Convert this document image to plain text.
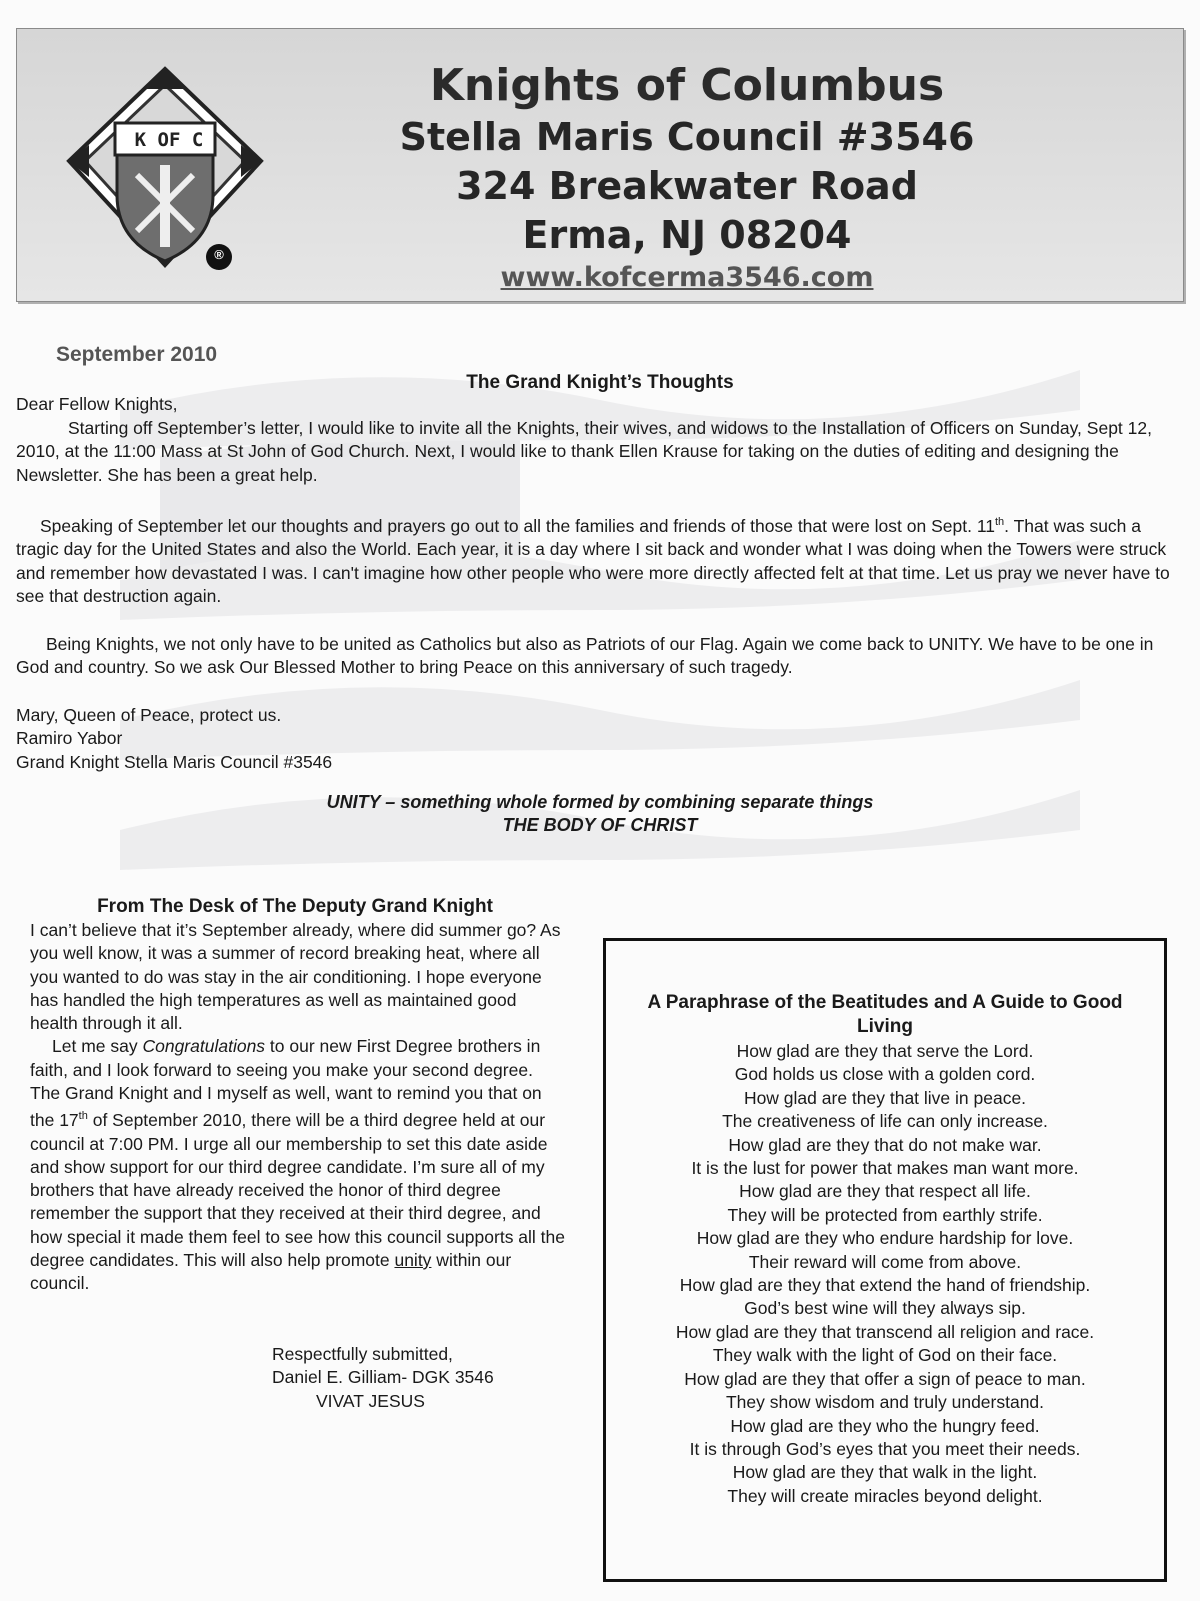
K OF C
®
Knights of Columbus
Stella Maris Council #3546
324 Breakwater Road
Erma, NJ 08204
www.kofcerma3546.com
September 2010
The Grand Knight’s Thoughts

Dear Fellow Knights,

Starting off September’s letter, I would like to invite all the Knights, their wives, and widows to the Installation of Officers on Sunday, Sept 12, 2010, at the 11:00 Mass at St John of God Church. Next, I would like to thank Ellen Krause for taking on the duties of editing and designing the Newsletter. She has been a great help.

Speaking of September let our thoughts and prayers go out to all the families and friends of those that were lost on Sept. 11th. That was such a tragic day for the United States and also the World. Each year, it is a day where I sit back and wonder what I was doing when the Towers were struck and remember how devastated I was. I can't imagine how other people who were more directly affected felt at that time. Let us pray we never have to see that destruction again.

Being Knights, we not only have to be united as Catholics but also as Patriots of our Flag. Again we come back to UNITY. We have to be one in God and country. So we ask Our Blessed Mother to bring Peace on this anniversary of such tragedy.

Mary, Queen of Peace, protect us.

Ramiro Yabor

Grand Knight Stella Maris Council #3546

UNITY – something whole formed by combining separate things
THE BODY OF CHRIST
From The Desk of The Deputy Grand Knight

I can’t believe that it’s September already, where did summer go? As you well know, it was a summer of record breaking heat, where all you wanted to do was stay in the air conditioning. I hope everyone has handled the high temperatures as well as maintained good health through it all.

Let me say Congratulations to our new First Degree brothers in faith, and I look forward to seeing you make your second degree. The Grand Knight and I myself as well, want to remind you that on the 17th of September 2010, there will be a third degree held at our council at 7:00 PM. I urge all our membership to set this date aside and show support for our third degree candidate. I’m sure all of my brothers that have already received the honor of third degree remember the support that they received at their third degree, and how special it made them feel to see how this council supports all the degree candidates. This will also help promote unity within our council.

Respectfully submitted,
Daniel E. Gilliam- DGK 3546
VIVAT JESUS
A Paraphrase of the Beatitudes and A Guide to Good Living
How glad are they that serve the Lord.
God holds us close with a golden cord.
How glad are they that live in peace.
The creativeness of life can only increase.
How glad are they that do not make war.
It is the lust for power that makes man want more.
How glad are they that respect all life.
They will be protected from earthly strife.
How glad are they who endure hardship for love.
Their reward will come from above.
How glad are they that extend the hand of friendship.
God’s best wine will they always sip.
How glad are they that transcend all religion and race.
They walk with the light of God on their face.
How glad are they that offer a sign of peace to man.
They show wisdom and truly understand.
How glad are they who the hungry feed.
It is through God’s eyes that you meet their needs.
How glad are they that walk in the light.
They will create miracles beyond delight.
